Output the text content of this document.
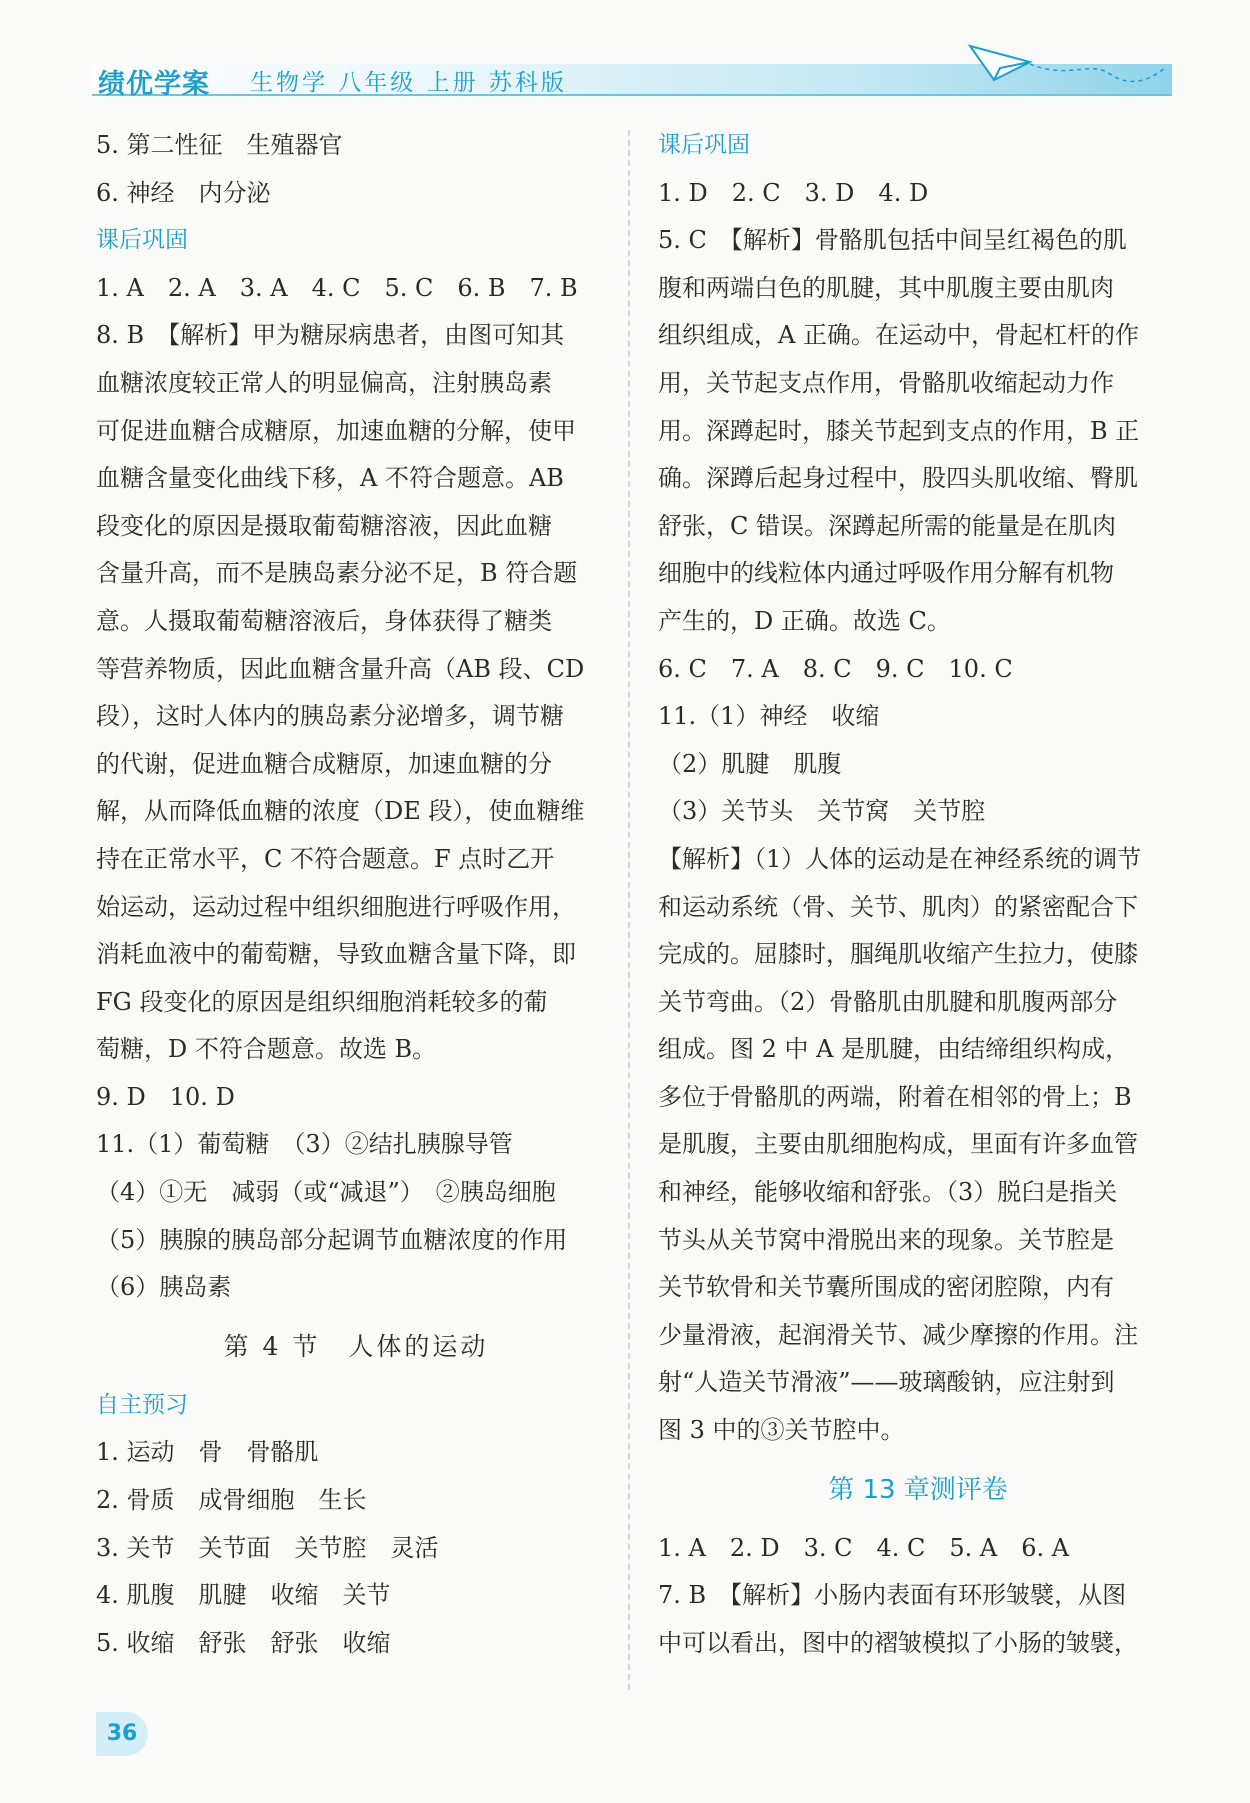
绩优学案 生物学 八年级 上册 苏科版
5. 第二性征　生殖器官
6. 神经　内分泌
课后巩固
1. A　2. A　3. A　4. C　5. C　6. B　7. B
8. B　【解析】甲为糖尿病患者，由图可知其
血糖浓度较正常人的明显偏高，注射胰岛素
可促进血糖合成糖原，加速血糖的分解，使甲
血糖含量变化曲线下移，A 不符合题意。AB
段变化的原因是摄取葡萄糖溶液，因此血糖
含量升高，而不是胰岛素分泌不足，B 符合题
意。人摄取葡萄糖溶液后，身体获得了糖类
等营养物质，因此血糖含量升高（AB 段、CD
段），这时人体内的胰岛素分泌增多，调节糖
的代谢，促进血糖合成糖原，加速血糖的分
解，从而降低血糖的浓度（DE 段），使血糖维
持在正常水平，C 不符合题意。F 点时乙开
始运动，运动过程中组织细胞进行呼吸作用，
消耗血液中的葡萄糖，导致血糖含量下降，即
FG 段变化的原因是组织细胞消耗较多的葡
萄糖，D 不符合题意。故选 B。
9. D　10. D
11.（1）葡萄糖　（3）②结扎胰腺导管
（4）①无　减弱（或“减退”）　②胰岛细胞
（5）胰腺的胰岛部分起调节血糖浓度的作用
（6）胰岛素
第 4 节　人体的运动
自主预习
1. 运动　骨　骨骼肌
2. 骨质　成骨细胞　生长
3. 关节　关节面　关节腔　灵活
4. 肌腹　肌腱　收缩　关节
5. 收缩　舒张　舒张　收缩
课后巩固
1. D　2. C　3. D　4. D
5. C　【解析】骨骼肌包括中间呈红褐色的肌
腹和两端白色的肌腱，其中肌腹主要由肌肉
组织组成，A 正确。在运动中，骨起杠杆的作
用，关节起支点作用，骨骼肌收缩起动力作
用。深蹲起时，膝关节起到支点的作用，B 正
确。深蹲后起身过程中，股四头肌收缩、臀肌
舒张，C 错误。深蹲起所需的能量是在肌肉
细胞中的线粒体内通过呼吸作用分解有机物
产生的，D 正确。故选 C。
6. C　7. A　8. C　9. C　10. C
11.（1）神经　收缩
（2）肌腱　肌腹
（3）关节头　关节窝　关节腔
【解析】（1）人体的运动是在神经系统的调节
和运动系统（骨、关节、肌肉）的紧密配合下
完成的。屈膝时，腘绳肌收缩产生拉力，使膝
关节弯曲。（2）骨骼肌由肌腱和肌腹两部分
组成。图 2 中 A 是肌腱，由结缔组织构成，
多位于骨骼肌的两端，附着在相邻的骨上；B
是肌腹，主要由肌细胞构成，里面有许多血管
和神经，能够收缩和舒张。（3）脱臼是指关
节头从关节窝中滑脱出来的现象。关节腔是
关节软骨和关节囊所围成的密闭腔隙，内有
少量滑液，起润滑关节、减少摩擦的作用。注
射“人造关节滑液”——玻璃酸钠，应注射到
图 3 中的③关节腔中。
第 13 章测评卷
1. A　2. D　3. C　4. C　5. A　6. A
7. B　【解析】小肠内表面有环形皱襞，从图
中可以看出，图中的褶皱模拟了小肠的皱襞，
36
